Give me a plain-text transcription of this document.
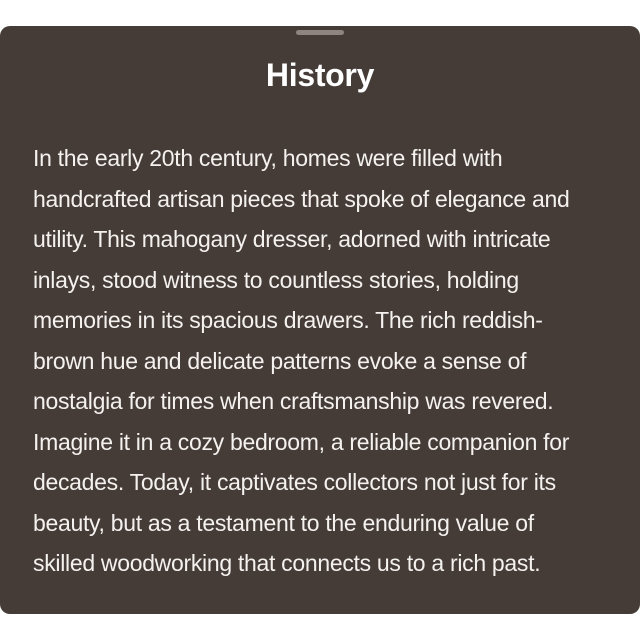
History

In the early 20th century, homes were filled with
handcrafted artisan pieces that spoke of elegance and
utility. This mahogany dresser, adorned with intricate
inlays, stood witness to countless stories, holding
memories in its spacious drawers. The rich reddish-
brown hue and delicate patterns evoke a sense of
nostalgia for times when craftsmanship was revered.
Imagine it in a cozy bedroom, a reliable companion for
decades. Today, it captivates collectors not just for its
beauty, but as a testament to the enduring value of
skilled woodworking that connects us to a rich past.
